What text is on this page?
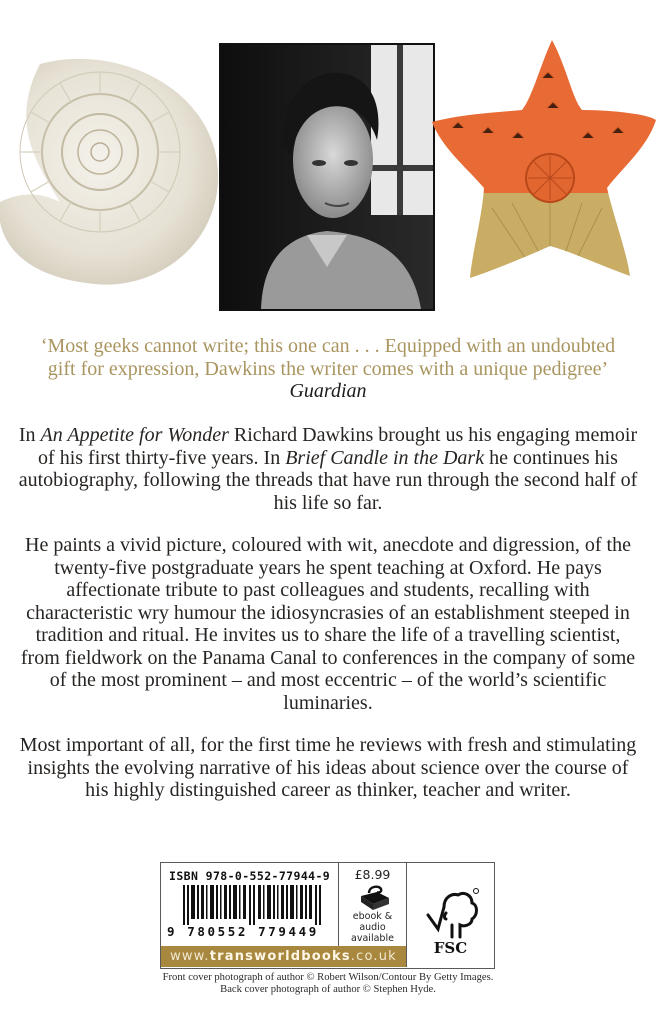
‘Most geeks cannot write; this one can . . . Equipped with an undoubted
gift for expression, Dawkins the writer comes with a unique pedigree’
Guardian
In An Appetite for Wonder Richard Dawkins brought us his engaging memoir of his first thirty-five years. In Brief Candle in the Dark he continues his autobiography, following the threads that have run through the second half of his life so far.
He paints a vivid picture, coloured with wit, anecdote and digression, of the twenty-five postgraduate years he spent teaching at Oxford. He pays affectionate tribute to past colleagues and students, recalling with characteristic wry humour the idiosyncrasies of an establishment steeped in tradition and ritual. He invites us to share the life of a travelling scientist, from fieldwork on the Panama Canal to conferences in the company of some of the most prominent – and most eccentric – of the world’s scientific luminaries.
Most important of all, for the first time he reviews with fresh and stimulating insights the evolving narrative of his ideas about science over the course of his highly distinguished career as thinker, teacher and writer.
ISBN 978-0-552-77944-9
9 780552 779449
£8.99
ebook & audio
available
FSC
www.transworldbooks.co.uk
Front cover photograph of author © Robert Wilson/Contour By Getty Images.
Back cover photograph of author © Stephen Hyde.
